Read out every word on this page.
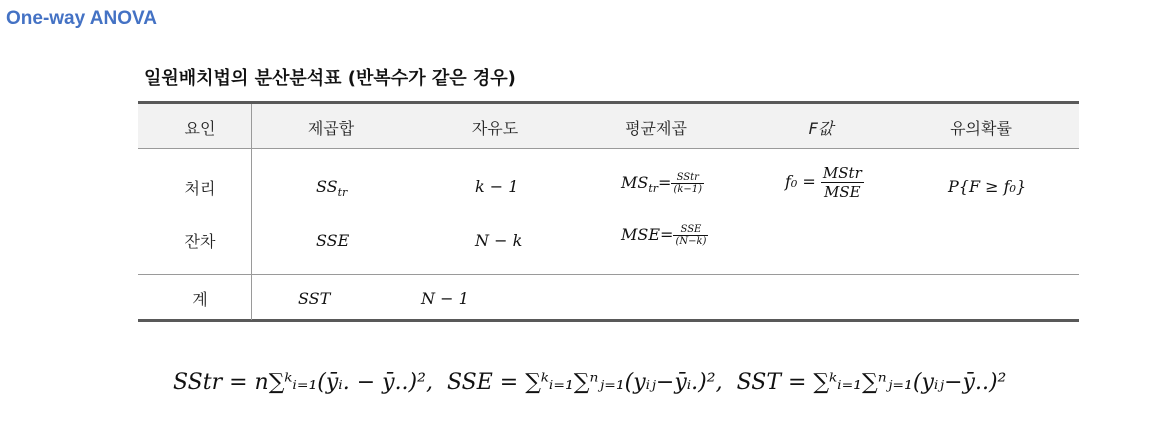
One-way ANOVA
일원배치법의 분산분석표 (반복수가 같은 경우)
요인	제곱합	자유도	평균제곱	F값	유의확률
처리	$SS_{tr}$	k − 1	$MS_{tr}= \frac{\text{SStr}}{(k-1)}$	$f_0 = \frac{\text{MStr}}{\text{MSE}}$	P{F ≥ f₀}
잔차	SSE	N − k	$MSE= \frac{\text{SSE}}{(N-k)}$
계	SST	N − 1
SStr = n∑ᵏᵢ₌₁(ȳᵢ. − ȳ..)²,  SSE = ∑ᵏᵢ₌₁∑ⁿⱼ₌₁(yᵢⱼ−ȳᵢ.)²,  SST = ∑ᵏᵢ₌₁∑ⁿⱼ₌₁(yᵢⱼ−ȳ..)²
